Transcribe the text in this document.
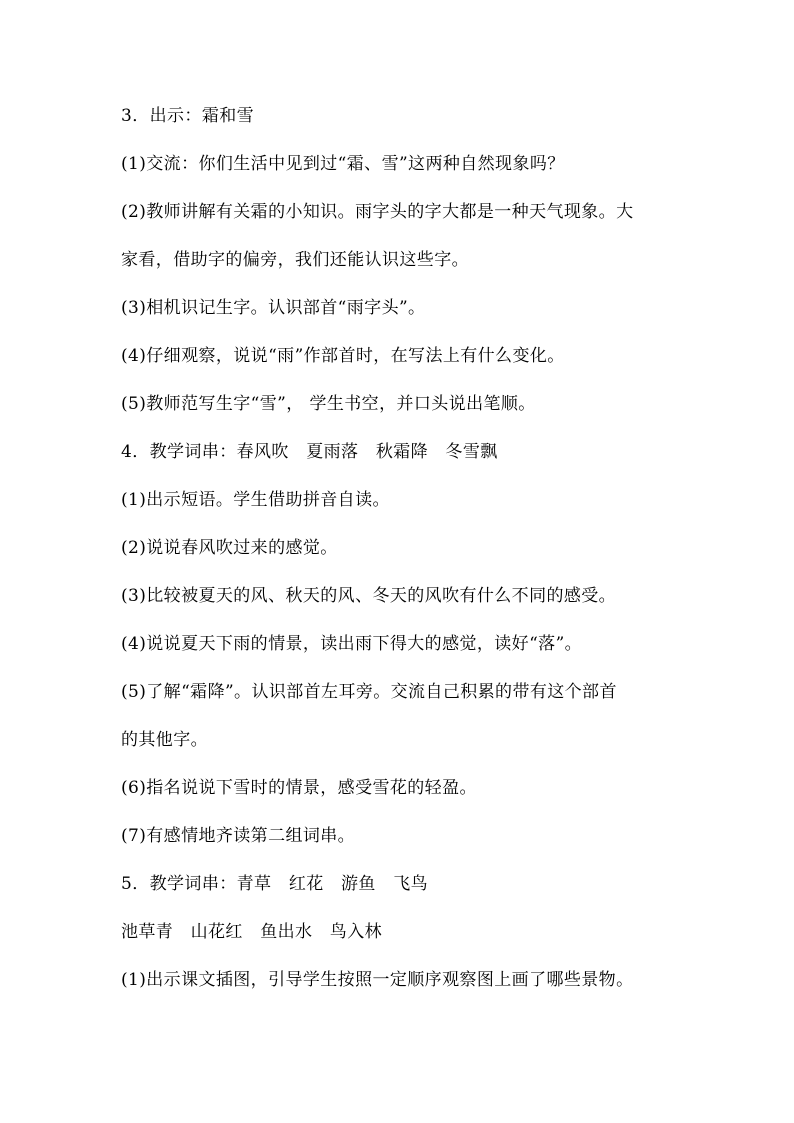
3．出示：霜和雪

(1)交流：你们生活中见到过“霜、雪”这两种自然现象吗？

(2)教师讲解有关霜的小知识。雨字头的字大都是一种天气现象。大

家看，借助字的偏旁，我们还能认识这些字。

(3)相机识记生字。认识部首“雨字头”。

(4)仔细观察，说说“雨”作部首时，在写法上有什么变化。

(5)教师范写生字“雪”， 学生书空，并口头说出笔顺。

4．教学词串：春风吹　夏雨落　秋霜降　冬雪飘

(1)出示短语。学生借助拼音自读。

(2)说说春风吹过来的感觉。

(3)比较被夏天的风、秋天的风、冬天的风吹有什么不同的感受。

(4)说说夏天下雨的情景，读出雨下得大的感觉，读好“落”。

(5)了解“霜降”。认识部首左耳旁。交流自己积累的带有这个部首

的其他字。

(6)指名说说下雪时的情景，感受雪花的轻盈。

(7)有感情地齐读第二组词串。

5．教学词串：青草　红花　游鱼　飞鸟

池草青　山花红　鱼出水　鸟入林

(1)出示课文插图，引导学生按照一定顺序观察图上画了哪些景物。
